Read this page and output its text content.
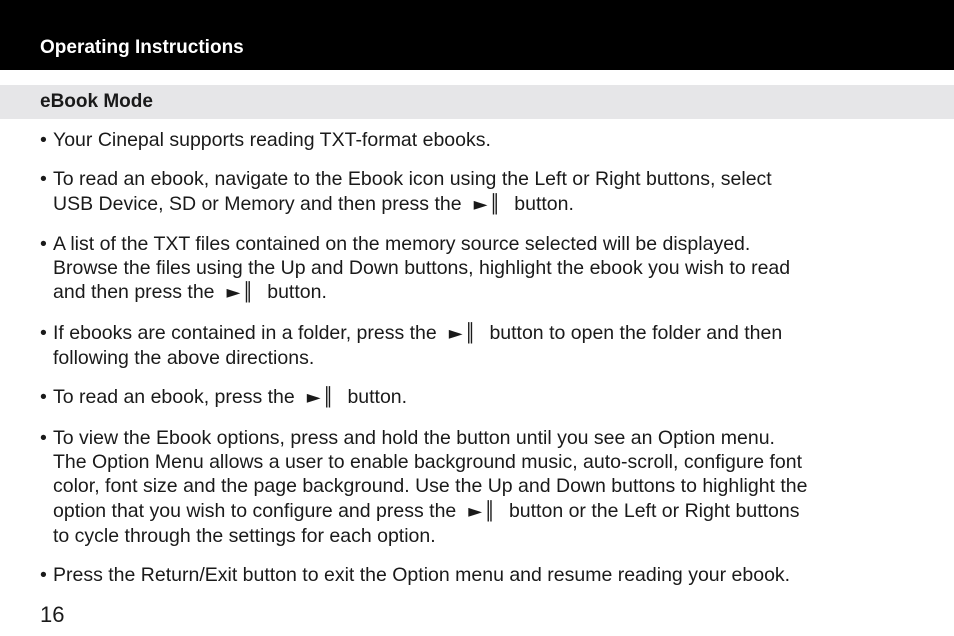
Operating Instructions
eBook Mode
• Your Cinepal supports reading TXT-format ebooks.
• To read an ebook, navigate to the Ebook icon using the Left or Right buttons, select
USB Device, SD or Memory and then press the ►║ button.
• A list of the TXT files contained on the memory source selected will be displayed.
Browse the files using the Up and Down buttons, highlight the ebook you wish to read
and then press the ►║ button.
• If ebooks are contained in a folder, press the ►║ button to open the folder and then
following the above directions.
• To read an ebook, press the ►║ button.
• To view the Ebook options, press and hold the button until you see an Option menu.
The Option Menu allows a user to enable background music, auto-scroll, configure font
color, font size and the page background. Use the Up and Down buttons to highlight the
option that you wish to configure and press the ►║ button or the Left or Right buttons
to cycle through the settings for each option.
• Press the Return/Exit button to exit the Option menu and resume reading your ebook.
16
